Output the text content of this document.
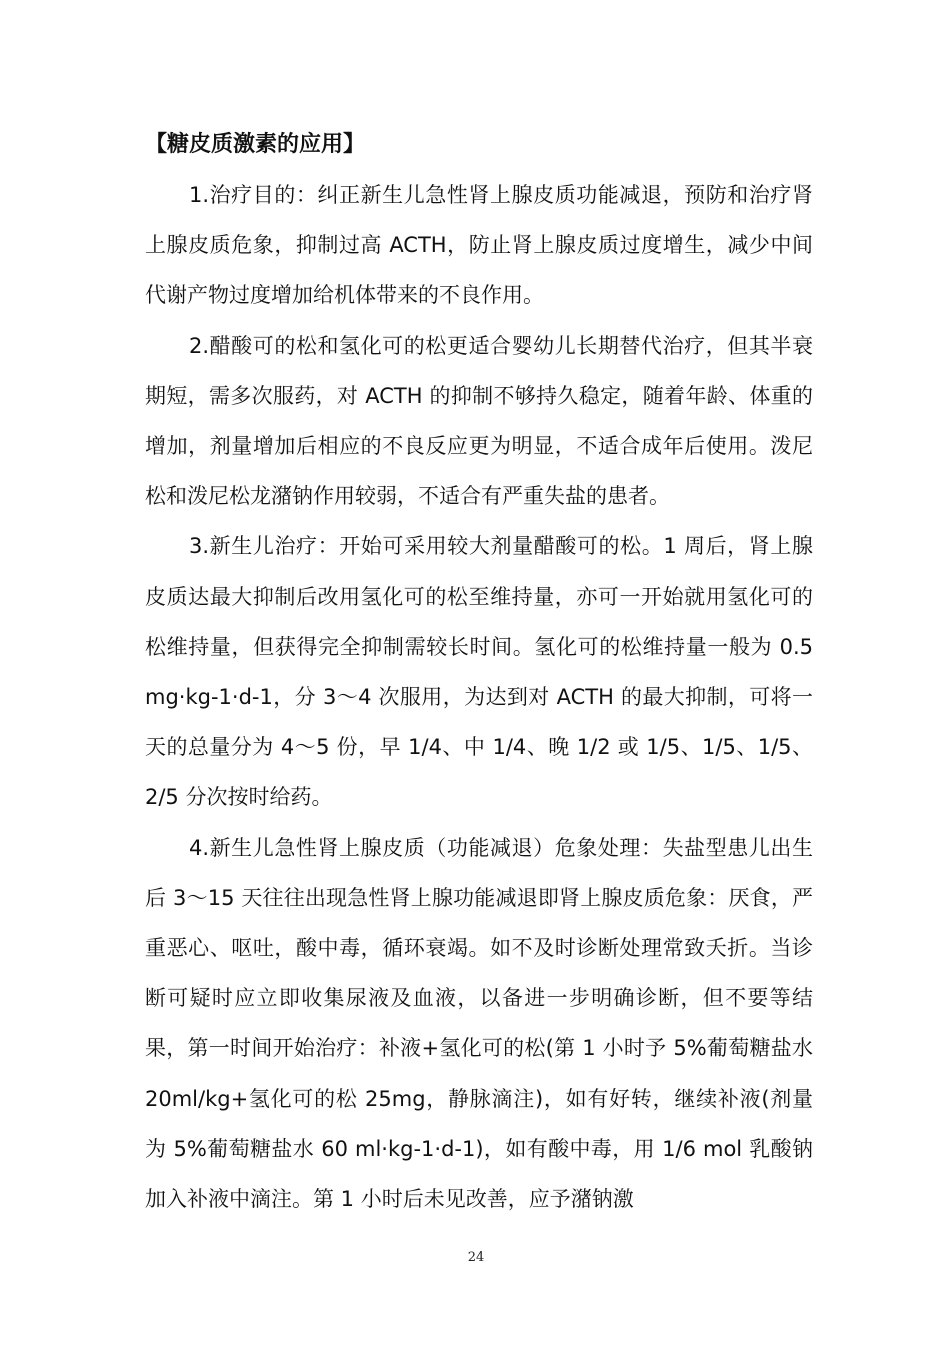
【糖皮质激素的应用】

1.治疗目的：纠正新生儿急性肾上腺皮质功能减退，预防和治疗肾上腺皮质危象，抑制过高 ACTH，防止肾上腺皮质过度增生，减少中间代谢产物过度增加给机体带来的不良作用。

2.醋酸可的松和氢化可的松更适合婴幼儿长期替代治疗，但其半衰期短，需多次服药，对 ACTH 的抑制不够持久稳定，随着年龄、体重的增加，剂量增加后相应的不良反应更为明显，不适合成年后使用。泼尼松和泼尼松龙潴钠作用较弱，不适合有严重失盐的患者。

3.新生儿治疗：开始可采用较大剂量醋酸可的松。1 周后，肾上腺皮质达最大抑制后改用氢化可的松至维持量，亦可一开始就用氢化可的松维持量，但获得完全抑制需较长时间。氢化可的松维持量一般为 0.5 mg·kg-1·d-1，分 3～4 次服用，为达到对 ACTH 的最大抑制，可将一天的总量分为 4～5 份，早 1/4、中 1/4、晚 1/2 或 1/5、1/5、1/5、2/5 分次按时给药。

4.新生儿急性肾上腺皮质（功能减退）危象处理：失盐型患儿出生后 3～15 天往往出现急性肾上腺功能减退即肾上腺皮质危象：厌食，严重恶心、呕吐，酸中毒，循环衰竭。如不及时诊断处理常致夭折。当诊断可疑时应立即收集尿液及血液，以备进一步明确诊断，但不要等结果，第一时间开始治疗：补液+氢化可的松(第 1 小时予 5%葡萄糖盐水 20ml/kg+氢化可的松 25mg，静脉滴注)，如有好转，继续补液(剂量为 5%葡萄糖盐水 60 ml·kg-1·d-1)，如有酸中毒，用 1/6 mol 乳酸钠加入补液中滴注。第 1 小时后未见改善，应予潴钠激

24
